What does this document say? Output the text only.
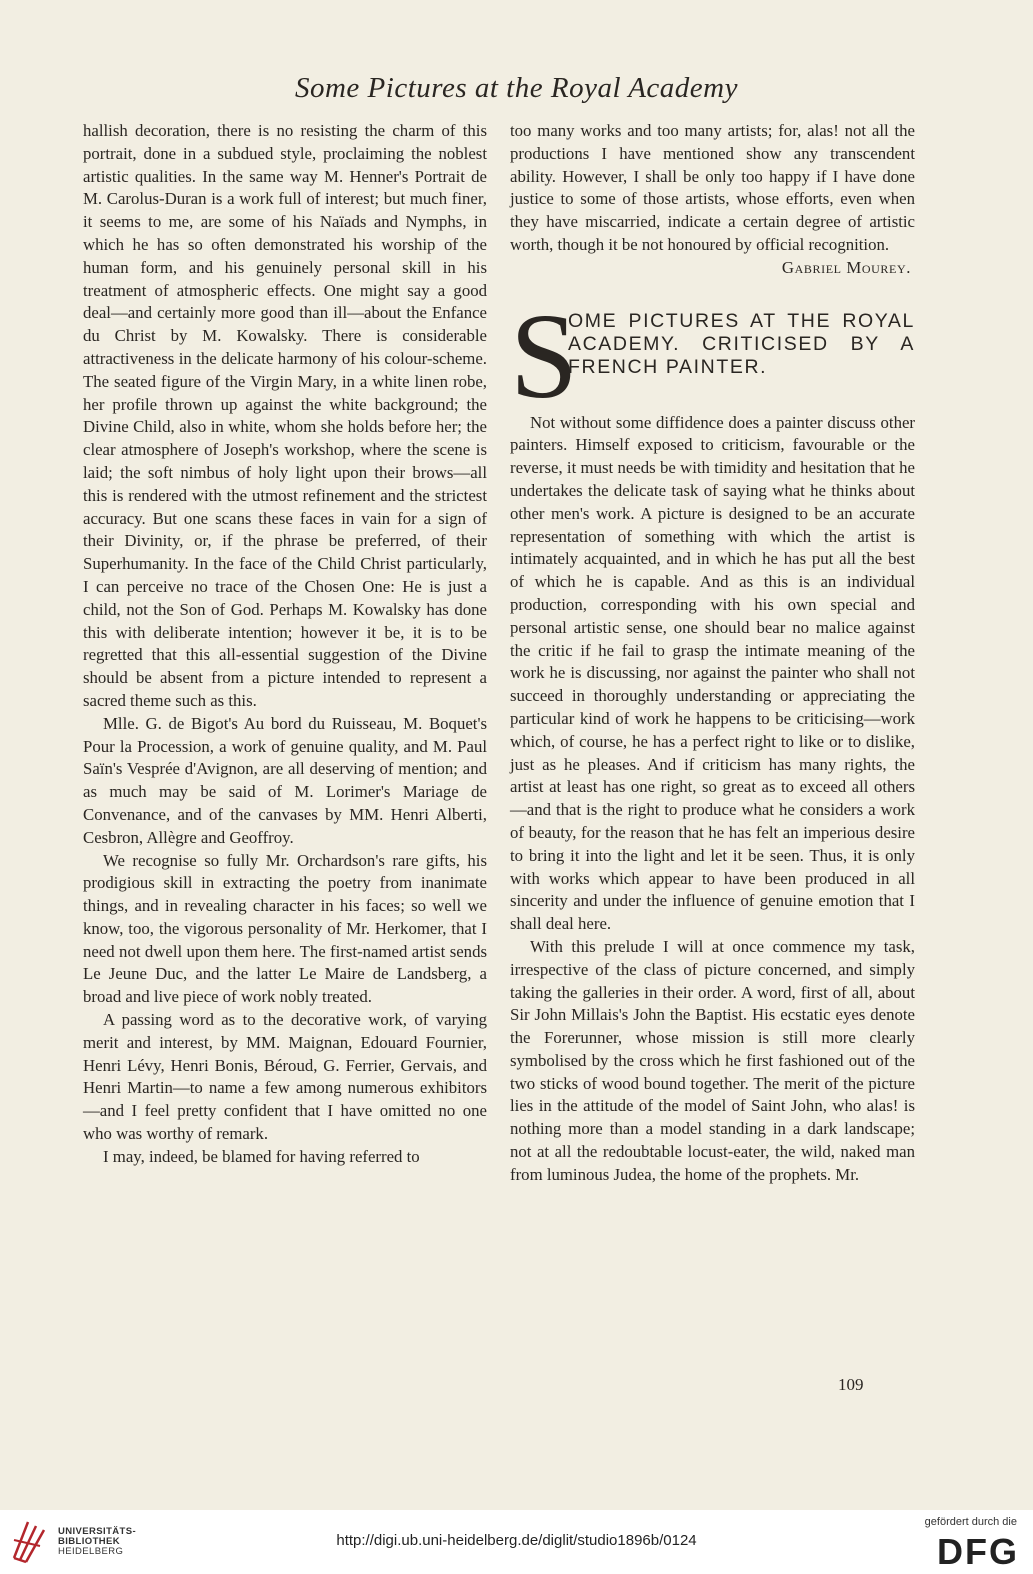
Some Pictures at the Royal Academy

hallish decoration, there is no resisting the charm of this portrait, done in a subdued style, proclaiming the noblest artistic qualities. In the same way M. Henner's Portrait de M. Carolus-Duran is a work full of interest; but much finer, it seems to me, are some of his Naïads and Nymphs, in which he has so often demonstrated his worship of the human form, and his genuinely personal skill in his treatment of atmospheric effects. One might say a good deal—and certainly more good than ill—about the Enfance du Christ by M. Kowalsky. There is considerable attractiveness in the delicate harmony of his colour-scheme. The seated figure of the Virgin Mary, in a white linen robe, her profile thrown up against the white background; the Divine Child, also in white, whom she holds before her; the clear atmosphere of Joseph's workshop, where the scene is laid; the soft nimbus of holy light upon their brows—all this is rendered with the utmost refinement and the strictest accuracy. But one scans these faces in vain for a sign of their Divinity, or, if the phrase be preferred, of their Superhumanity. In the face of the Child Christ particularly, I can perceive no trace of the Chosen One: He is just a child, not the Son of God. Perhaps M. Kowalsky has done this with deliberate intention; however it be, it is to be regretted that this all-essential suggestion of the Divine should be absent from a picture intended to represent a sacred theme such as this.

Mlle. G. de Bigot's Au bord du Ruisseau, M. Boquet's Pour la Procession, a work of genuine quality, and M. Paul Saïn's Vesprée d'Avignon, are all deserving of mention; and as much may be said of M. Lorimer's Mariage de Convenance, and of the canvases by MM. Henri Alberti, Cesbron, Allègre and Geoffroy.

We recognise so fully Mr. Orchardson's rare gifts, his prodigious skill in extracting the poetry from inanimate things, and in revealing character in his faces; so well we know, too, the vigorous personality of Mr. Herkomer, that I need not dwell upon them here. The first-named artist sends Le Jeune Duc, and the latter Le Maire de Landsberg, a broad and live piece of work nobly treated.

A passing word as to the decorative work, of varying merit and interest, by MM. Maignan, Edouard Fournier, Henri Lévy, Henri Bonis, Béroud, G. Ferrier, Gervais, and Henri Martin—to name a few among numerous exhibitors—and I feel pretty confident that I have omitted no one who was worthy of remark.

I may, indeed, be blamed for having referred to

too many works and too many artists; for, alas! not all the productions I have mentioned show any transcendent ability. However, I shall be only too happy if I have done justice to some of those artists, whose efforts, even when they have miscarried, indicate a certain degree of artistic worth, though it be not honoured by official recognition.

Gabriel Mourey.

S
OME PICTURES AT THE ROYAL ACADEMY. CRITICISED BY A FRENCH PAINTER.

Not without some diffidence does a painter discuss other painters. Himself exposed to criticism, favourable or the reverse, it must needs be with timidity and hesitation that he undertakes the delicate task of saying what he thinks about other men's work. A picture is designed to be an accurate representation of something with which the artist is intimately acquainted, and in which he has put all the best of which he is capable. And as this is an individual production, corresponding with his own special and personal artistic sense, one should bear no malice against the critic if he fail to grasp the intimate meaning of the work he is discussing, nor against the painter who shall not succeed in thoroughly understanding or appreciating the particular kind of work he happens to be criticising—work which, of course, he has a perfect right to like or to dislike, just as he pleases. And if criticism has many rights, the artist at least has one right, so great as to exceed all others—and that is the right to produce what he considers a work of beauty, for the reason that he has felt an imperious desire to bring it into the light and let it be seen. Thus, it is only with works which appear to have been produced in all sincerity and under the influence of genuine emotion that I shall deal here.

With this prelude I will at once commence my task, irrespective of the class of picture concerned, and simply taking the galleries in their order. A word, first of all, about Sir John Millais's John the Baptist. His ecstatic eyes denote the Forerunner, whose mission is still more clearly symbolised by the cross which he first fashioned out of the two sticks of wood bound together. The merit of the picture lies in the attitude of the model of Saint John, who alas! is nothing more than a model standing in a dark landscape; not at all the redoubtable locust-eater, the wild, naked man from luminous Judea, the home of the prophets. Mr.

109
UNIVERSITÄTS-
BIBLIOTHEK
HEIDELBERG
http://digi.ub.uni-heidelberg.de/diglit/studio1896b/0124
gefördert durch die
DFG
